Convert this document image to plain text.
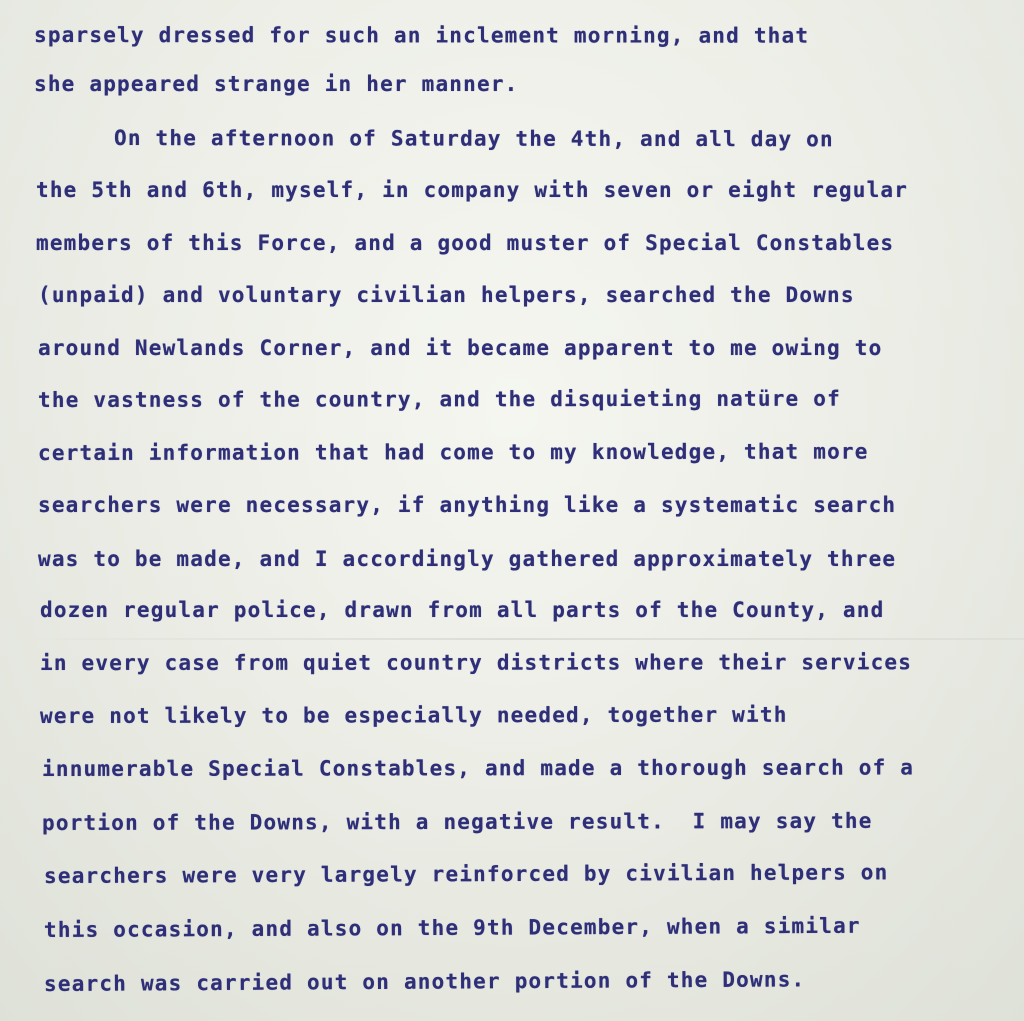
sparsely dressed for such an inclement morning, and that
she appeared strange in her manner.
On the afternoon of Saturday the 4th, and all day on
the 5th and 6th, myself, in company with seven or eight regular
members of this Force, and a good muster of Special Constables
(unpaid) and voluntary civilian helpers, searched the Downs
around Newlands Corner, and it became apparent to me owing to
the vastness of the country, and the disquieting natüre of
certain information that had come to my knowledge, that more
searchers were necessary, if anything like a systematic search
was to be made, and I accordingly gathered approximately three
dozen regular police, drawn from all parts of the County, and
in every case from quiet country districts where their services
were not likely to be especially needed, together with
innumerable Special Constables, and made a thorough search of a
portion of the Downs, with a negative result.  I may say the
searchers were very largely reinforced by civilian helpers on
this occasion, and also on the 9th December, when a similar
search was carried out on another portion of the Downs.
